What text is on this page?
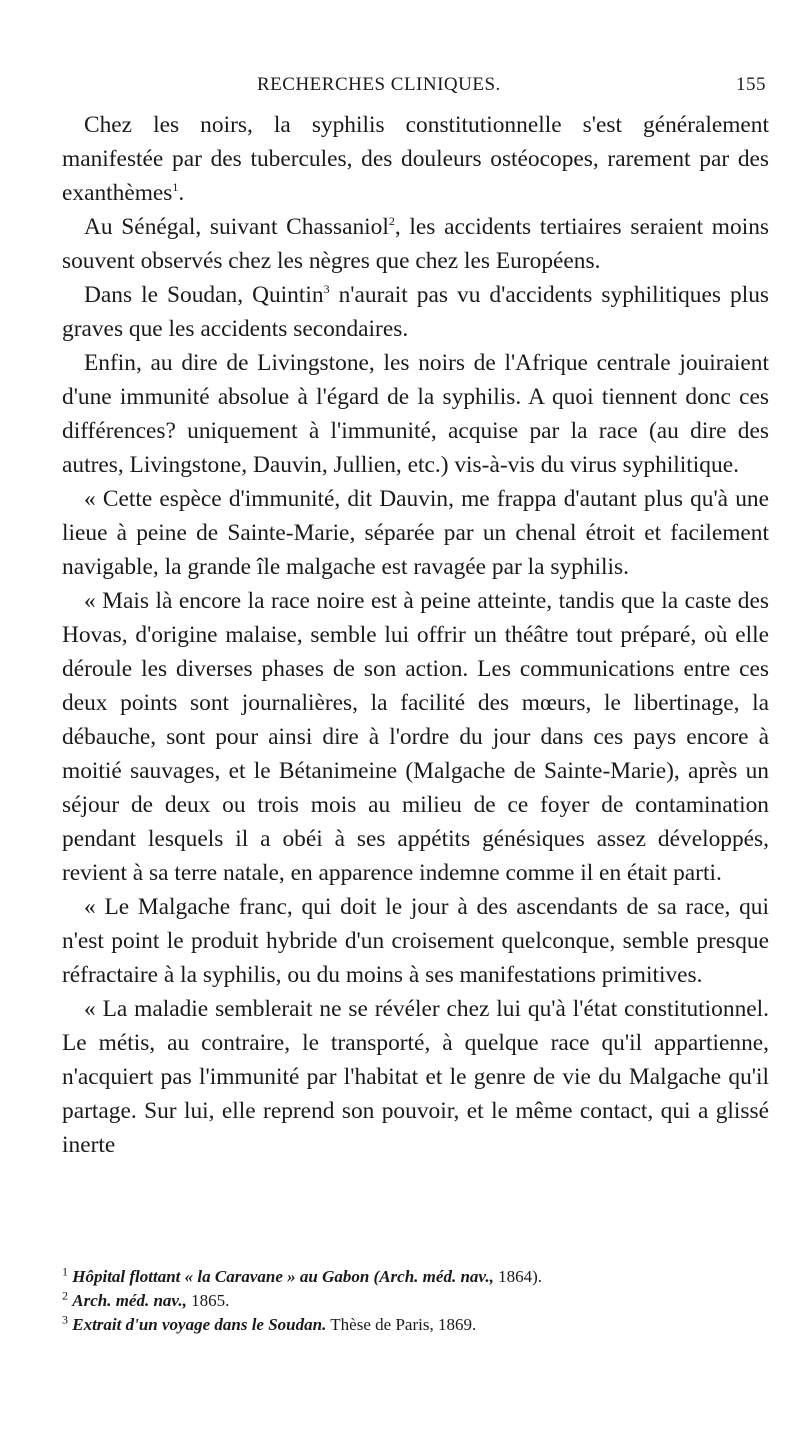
RECHERCHES CLINIQUES.	155

Chez les noirs, la syphilis constitutionnelle s'est généralement manifestée par des tubercules, des douleurs ostéocopes, rarement par des exanthèmes$^1$.

Au Sénégal, suivant Chassaniol$^2$, les accidents tertiaires seraient moins souvent observés chez les nègres que chez les Européens.

Dans le Soudan, Quintin$^3$ n'aurait pas vu d'accidents syphilitiques plus graves que les accidents secondaires.

Enfin, au dire de Livingstone, les noirs de l'Afrique centrale jouiraient d'une immunité absolue à l'égard de la syphilis. A quoi tiennent donc ces différences? uniquement à l'immunité, acquise par la race (au dire des autres, Livingstone, Dauvin, Jullien, etc.) vis-à-vis du virus syphilitique.

« Cette espèce d'immunité, dit Dauvin, me frappa d'autant plus qu'à une lieue à peine de Sainte-Marie, séparée par un chenal étroit et facilement navigable, la grande île malgache est ravagée par la syphilis.

« Mais là encore la race noire est à peine atteinte, tandis que la caste des Hovas, d'origine malaise, semble lui offrir un théâtre tout préparé, où elle déroule les diverses phases de son action. Les communications entre ces deux points sont journalières, la facilité des mœurs, le libertinage, la débauche, sont pour ainsi dire à l'ordre du jour dans ces pays encore à moitié sauvages, et le Bétanimeine (Malgache de Sainte-Marie), après un séjour de deux ou trois mois au milieu de ce foyer de contamination pendant lesquels il a obéi à ses appétits génésiques assez développés, revient à sa terre natale, en apparence indemne comme il en était parti.

« Le Malgache franc, qui doit le jour à des ascendants de sa race, qui n'est point le produit hybride d'un croisement quelconque, semble presque réfractaire à la syphilis, ou du moins à ses manifestations primitives.

« La maladie semblerait ne se révéler chez lui qu'à l'état constitutionnel. Le métis, au contraire, le transporté, à quelque race qu'il appartienne, n'acquiert pas l'immunité par l'habitat et le genre de vie du Malgache qu'il partage. Sur lui, elle reprend son pouvoir, et le même contact, qui a glissé inerte

$^1$ Hôpital flottant « la Caravane » au Gabon (Arch. méd. nav., 1864).

$^2$ Arch. méd. nav., 1865.

$^3$ Extrait d'un voyage dans le Soudan. Thèse de Paris, 1869.
